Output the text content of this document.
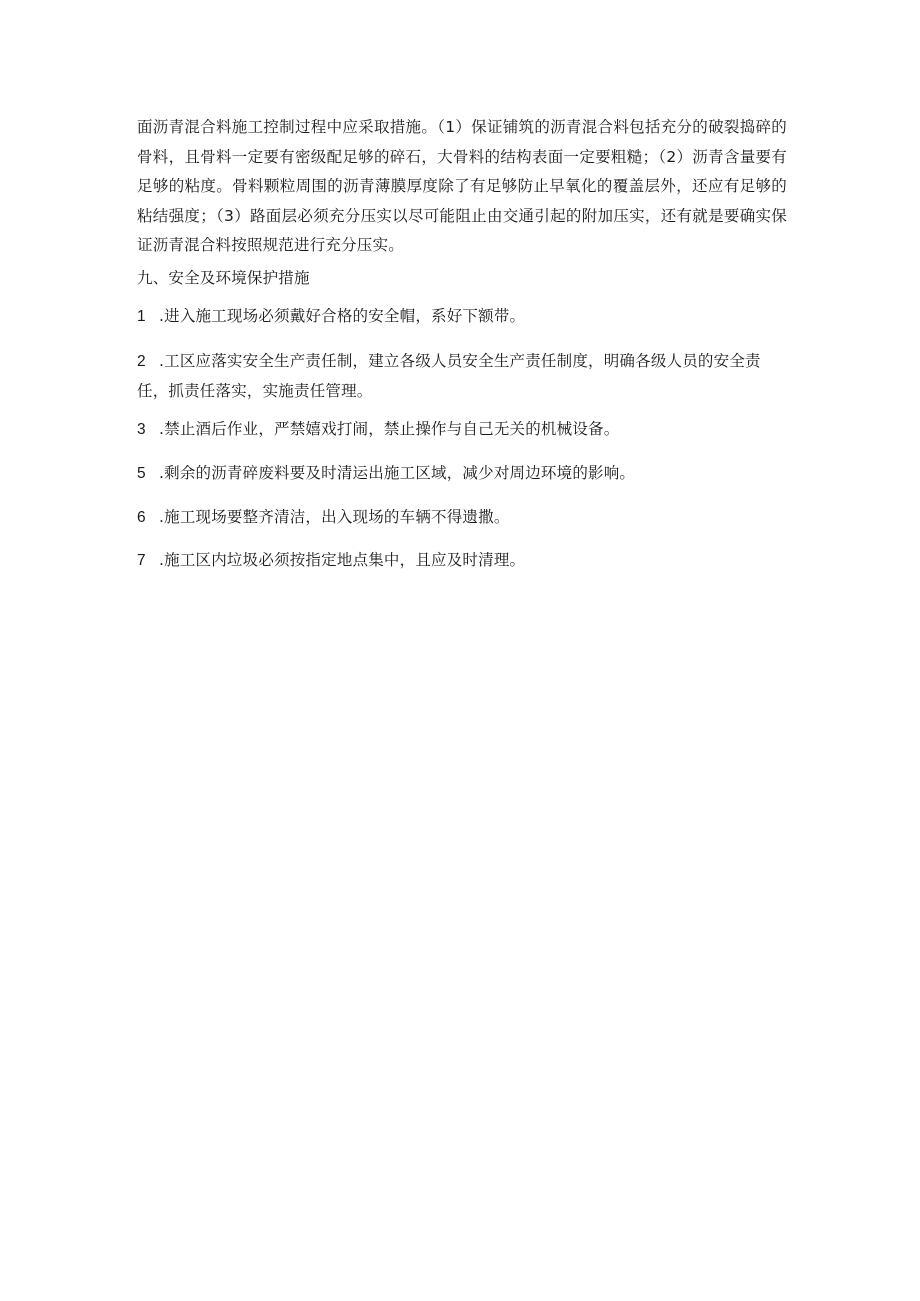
面沥青混合料施工控制过程中应采取措施。（1）保证铺筑的沥青混合料包括充分的破裂捣碎的骨料，且骨料一定要有密级配足够的碎石，大骨料的结构表面一定要粗糙；（2）沥青含量要有足够的粘度。骨料颗粒周围的沥青薄膜厚度除了有足够防止早氧化的覆盖层外，还应有足够的粘结强度；（3）路面层必须充分压实以尽可能阻止由交通引起的附加压实，还有就是要确实保证沥青混合料按照规范进行充分压实。

九、安全及环境保护措施

1 .进入施工现场必须戴好合格的安全帽，系好下额带。

2 .工区应落实安全生产责任制，建立各级人员安全生产责任制度，明确各级人员的安全责任，抓责任落实，实施责任管理。

3 .禁止酒后作业，严禁嬉戏打闹，禁止操作与自己无关的机械设备。

5 .剩余的沥青碎废料要及时清运出施工区域，减少对周边环境的影响。

6 .施工现场要整齐清洁，出入现场的车辆不得遗撒。

7 .施工区内垃圾必须按指定地点集中，且应及时清理。
